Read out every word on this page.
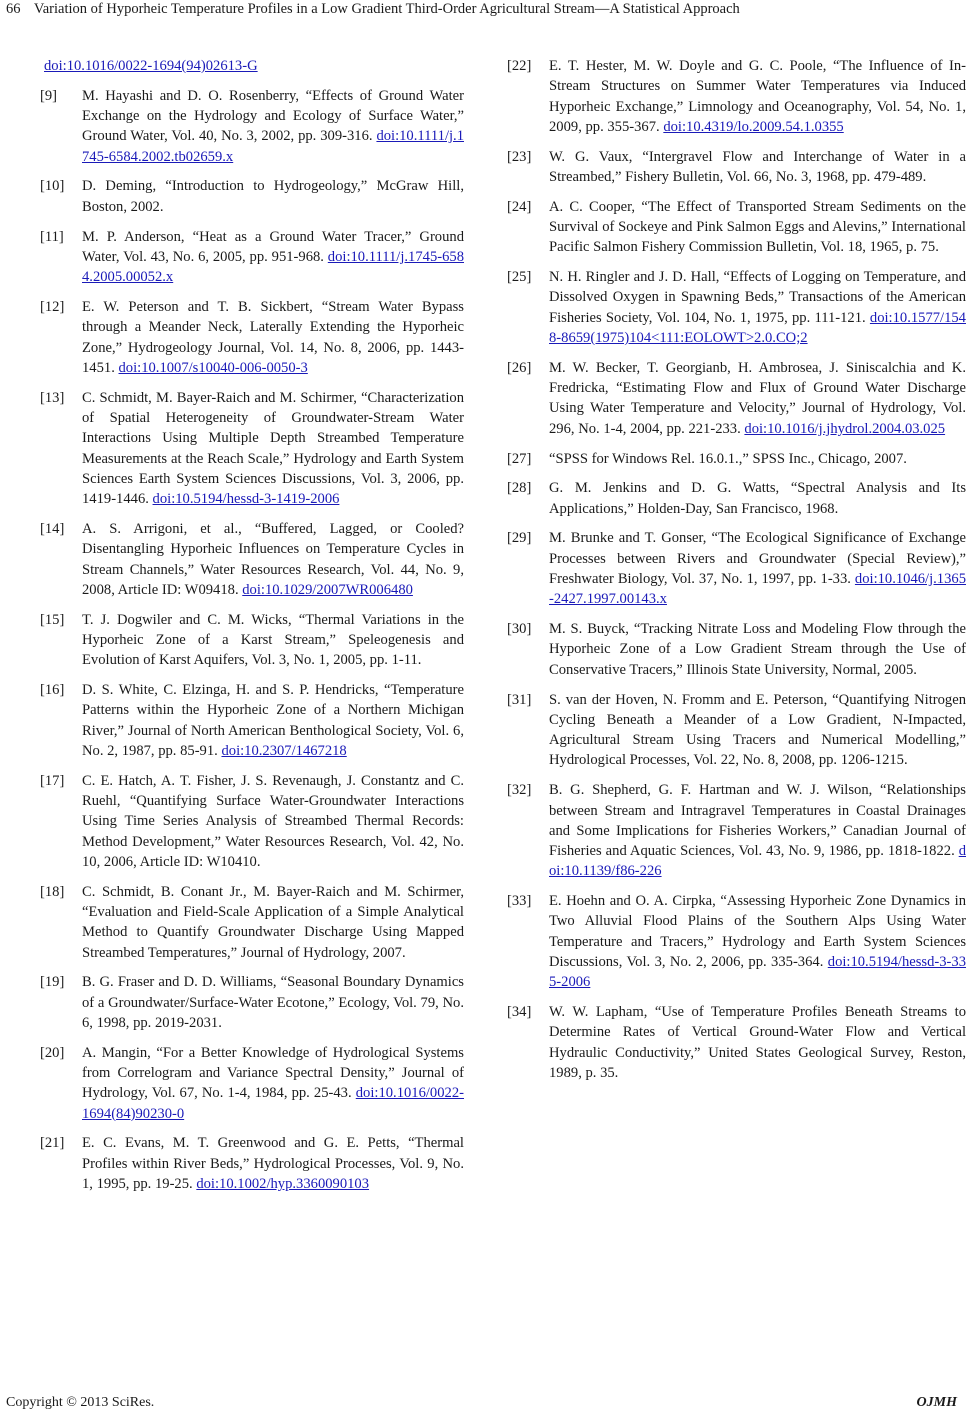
66 Variation of Hyporheic Temperature Profiles in a Low Gradient Third-Order Agricultural Stream—A Statistical Approach
doi:10.1016/0022-1694(94)02613-G
[9] M. Hayashi and D. O. Rosenberry, “Effects of Ground Water Exchange on the Hydrology and Ecology of Surface Water,” Ground Water, Vol. 40, No. 3, 2002, pp. 309-316. doi:10.1111/j.1745-6584.2002.tb02659.x
[10] D. Deming, “Introduction to Hydrogeology,” McGraw Hill, Boston, 2002.
[11] M. P. Anderson, “Heat as a Ground Water Tracer,” Ground Water, Vol. 43, No. 6, 2005, pp. 951-968. doi:10.1111/j.1745-6584.2005.00052.x
[12] E. W. Peterson and T. B. Sickbert, “Stream Water Bypass through a Meander Neck, Laterally Extending the Hyporheic Zone,” Hydrogeology Journal, Vol. 14, No. 8, 2006, pp. 1443-1451. doi:10.1007/s10040-006-0050-3
[13] C. Schmidt, M. Bayer-Raich and M. Schirmer, “Characterization of Spatial Heterogeneity of Groundwater-Stream Water Interactions Using Multiple Depth Streambed Temperature Measurements at the Reach Scale,” Hydrology and Earth System Sciences Earth System Sciences Discussions, Vol. 3, 2006, pp. 1419-1446. doi:10.5194/hessd-3-1419-2006
[14] A. S. Arrigoni, et al., “Buffered, Lagged, or Cooled? Disentangling Hyporheic Influences on Temperature Cycles in Stream Channels,” Water Resources Research, Vol. 44, No. 9, 2008, Article ID: W09418. doi:10.1029/2007WR006480
[15] T. J. Dogwiler and C. M. Wicks, “Thermal Variations in the Hyporheic Zone of a Karst Stream,” Speleogenesis and Evolution of Karst Aquifers, Vol. 3, No. 1, 2005, pp. 1-11.
[16] D. S. White, C. Elzinga, H. and S. P. Hendricks, “Temperature Patterns within the Hyporheic Zone of a Northern Michigan River,” Journal of North American Benthological Society, Vol. 6, No. 2, 1987, pp. 85-91. doi:10.2307/1467218
[17] C. E. Hatch, A. T. Fisher, J. S. Revenaugh, J. Constantz and C. Ruehl, “Quantifying Surface Water-Groundwater Interactions Using Time Series Analysis of Streambed Thermal Records: Method Development,” Water Resources Research, Vol. 42, No. 10, 2006, Article ID: W10410.
[18] C. Schmidt, B. Conant Jr., M. Bayer-Raich and M. Schirmer, “Evaluation and Field-Scale Application of a Simple Analytical Method to Quantify Groundwater Discharge Using Mapped Streambed Temperatures,” Journal of Hydrology, 2007.
[19] B. G. Fraser and D. D. Williams, “Seasonal Boundary Dynamics of a Groundwater/Surface-Water Ecotone,” Ecology, Vol. 79, No. 6, 1998, pp. 2019-2031.
[20] A. Mangin, “For a Better Knowledge of Hydrological Systems from Correlogram and Variance Spectral Density,” Journal of Hydrology, Vol. 67, No. 1-4, 1984, pp. 25-43. doi:10.1016/0022-1694(84)90230-0
[21] E. C. Evans, M. T. Greenwood and G. E. Petts, “Thermal Profiles within River Beds,” Hydrological Processes, Vol. 9, No. 1, 1995, pp. 19-25. doi:10.1002/hyp.3360090103
[22] E. T. Hester, M. W. Doyle and G. C. Poole, “The Influence of In-Stream Structures on Summer Water Temperatures via Induced Hyporheic Exchange,” Limnology and Oceanography, Vol. 54, No. 1, 2009, pp. 355-367. doi:10.4319/lo.2009.54.1.0355
[23] W. G. Vaux, “Intergravel Flow and Interchange of Water in a Streambed,” Fishery Bulletin, Vol. 66, No. 3, 1968, pp. 479-489.
[24] A. C. Cooper, “The Effect of Transported Stream Sediments on the Survival of Sockeye and Pink Salmon Eggs and Alevins,” International Pacific Salmon Fishery Commission Bulletin, Vol. 18, 1965, p. 75.
[25] N. H. Ringler and J. D. Hall, “Effects of Logging on Temperature, and Dissolved Oxygen in Spawning Beds,” Transactions of the American Fisheries Society, Vol. 104, No. 1, 1975, pp. 111-121. doi:10.1577/1548-8659(1975)104<111:EOLOWT>2.0.CO;2
[26] M. W. Becker, T. Georgianb, H. Ambrosea, J. Siniscalchia and K. Fredricka, “Estimating Flow and Flux of Ground Water Discharge Using Water Temperature and Velocity,” Journal of Hydrology, Vol. 296, No. 1-4, 2004, pp. 221-233. doi:10.1016/j.jhydrol.2004.03.025
[27] “SPSS for Windows Rel. 16.0.1.,” SPSS Inc., Chicago, 2007.
[28] G. M. Jenkins and D. G. Watts, “Spectral Analysis and Its Applications,” Holden-Day, San Francisco, 1968.
[29] M. Brunke and T. Gonser, “The Ecological Significance of Exchange Processes between Rivers and Groundwater (Special Review),” Freshwater Biology, Vol. 37, No. 1, 1997, pp. 1-33. doi:10.1046/j.1365-2427.1997.00143.x
[30] M. S. Buyck, “Tracking Nitrate Loss and Modeling Flow through the Hyporheic Zone of a Low Gradient Stream through the Use of Conservative Tracers,” Illinois State University, Normal, 2005.
[31] S. van der Hoven, N. Fromm and E. Peterson, “Quantifying Nitrogen Cycling Beneath a Meander of a Low Gradient, N-Impacted, Agricultural Stream Using Tracers and Numerical Modelling,” Hydrological Processes, Vol. 22, No. 8, 2008, pp. 1206-1215.
[32] B. G. Shepherd, G. F. Hartman and W. J. Wilson, “Relationships between Stream and Intragravel Temperatures in Coastal Drainages and Some Implications for Fisheries Workers,” Canadian Journal of Fisheries and Aquatic Sciences, Vol. 43, No. 9, 1986, pp. 1818-1822. doi:10.1139/f86-226
[33] E. Hoehn and O. A. Cirpka, “Assessing Hyporheic Zone Dynamics in Two Alluvial Flood Plains of the Southern Alps Using Water Temperature and Tracers,” Hydrology and Earth System Sciences Discussions, Vol. 3, No. 2, 2006, pp. 335-364. doi:10.5194/hessd-3-335-2006
[34] W. W. Lapham, “Use of Temperature Profiles Beneath Streams to Determine Rates of Vertical Ground-Water Flow and Vertical Hydraulic Conductivity,” United States Geological Survey, Reston, 1989, p. 35.
Copyright © 2013 SciRes.	OJMH
